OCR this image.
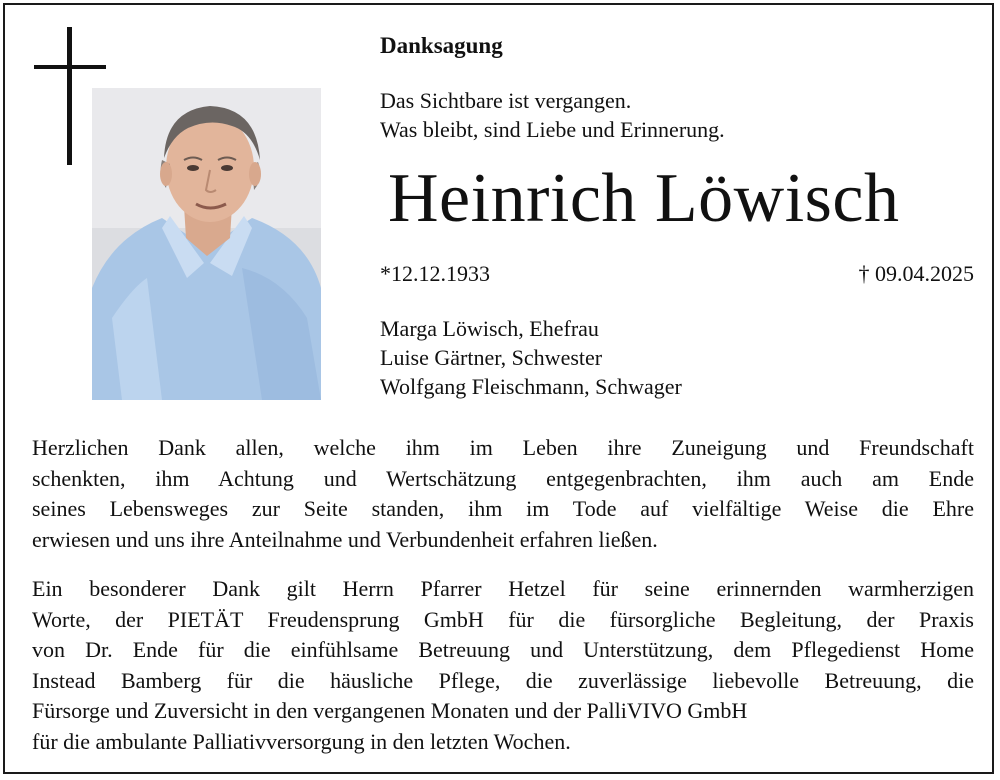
Danksagung
Das Sichtbare ist vergangen.
Was bleibt, sind Liebe und Erinnerung.
Heinrich Löwisch
*12.12.1933	† 09.04.2025
Marga Löwisch, Ehefrau
Luise Gärtner, Schwester
Wolfgang Fleischmann, Schwager
Herzlichen Dank allen, welche ihm im Leben ihre Zuneigung und Freundschaft
schenkten, ihm Achtung und Wertschätzung entgegenbrachten, ihm auch am Ende
seines Lebensweges zur Seite standen, ihm im Tode auf vielfältige Weise die Ehre
erwiesen und uns ihre Anteilnahme und Verbundenheit erfahren ließen.
Ein besonderer Dank gilt Herrn Pfarrer Hetzel für seine erinnernden warmherzigen
Worte, der PIETÄT Freudensprung GmbH für die fürsorgliche Begleitung, der Praxis
von Dr. Ende für die einfühlsame Betreuung und Unterstützung, dem Pflegedienst Home
Instead Bamberg für die häusliche Pflege, die zuverlässige liebevolle Betreuung, die
Fürsorge und Zuversicht in den vergangenen Monaten und der PalliVIVO GmbH
für die ambulante Palliativversorgung in den letzten Wochen.
